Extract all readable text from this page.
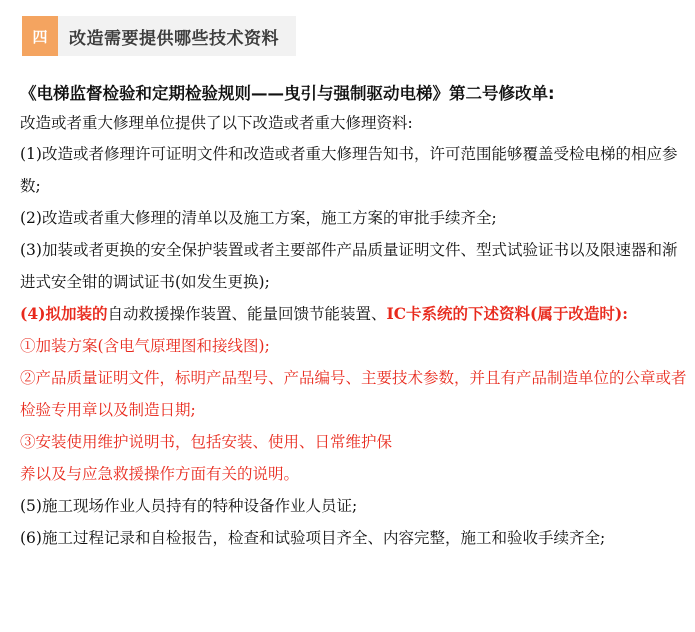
四	改造需要提供哪些技术资料

《电梯监督检验和定期检验规则——曳引与强制驱动电梯》第二号修改单:

改造或者重大修理单位提供了以下改造或者重大修理资料:

(1)改造或者修理许可证明文件和改造或者重大修理告知书，许可范围能够覆盖受检电梯的相应参数;

(2)改造或者重大修理的清单以及施工方案，施工方案的审批手续齐全;

(3)加装或者更换的安全保护装置或者主要部件产品质量证明文件、型式试验证书以及限速器和渐进式安全钳的调试证书(如发生更换);

(4)拟加装的自动救援操作装置、能量回馈节能装置、IC卡系统的下述资料(属于改造时):

①加装方案(含电气原理图和接线图);

②产品质量证明文件，标明产品型号、产品编号、主要技术参数，并且有产品制造单位的公章或者检验专用章以及制造日期;

③安装使用维护说明书，包括安装、使用、日常维护保

养以及与应急救援操作方面有关的说明。

(5)施工现场作业人员持有的特种设备作业人员证;

(6)施工过程记录和自检报告，检查和试验项目齐全、内容完整，施工和验收手续齐全;
